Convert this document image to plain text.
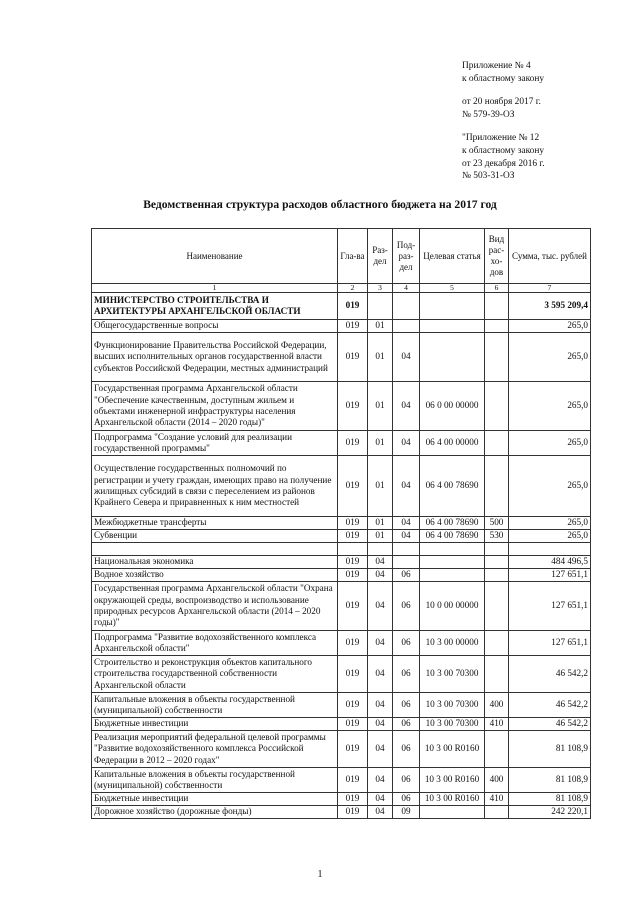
Приложение № 4
к областному закону
от 20 ноября 2017 г.
№ 579-39-ОЗ
"Приложение № 12
к областному закону
от 23 декабря 2016 г.
№ 503-31-ОЗ
Ведомственная структура расходов областного бюджета на 2017 год
Наименование	Гла-ва	Раз-дел	Под-раз-дел	Целевая статья	Вид рас-хо-дов	Сумма, тыс. рублей
1	2	3	4	5	6	7
МИНИСТЕРСТВО СТРОИТЕЛЬСТВА И АРХИТЕКТУРЫ АРХАНГЕЛЬСКОЙ ОБЛАСТИ	019					3 595 209,4
Общегосударственные вопросы	019	01				265,0
Функционирование Правительства Российской Федерации, высших исполнительных органов государственной власти субъектов Российской Федерации, местных администраций	019	01	04			265,0
Государственная программа Архангельской области "Обеспечение качественным, доступным жильем и объектами инженерной инфраструктуры населения Архангельской области (2014 – 2020 годы)"	019	01	04	06 0 00 00000		265,0
Подпрограмма "Создание условий для реализации государственной программы"	019	01	04	06 4 00 00000		265,0
Осуществление государственных полномочий по регистрации и учету граждан, имеющих право на получение жилищных субсидий в связи с переселением из районов Крайнего Севера и приравненных к ним местностей	019	01	04	06 4 00 78690		265,0
Межбюджетные трансферты	019	01	04	06 4 00 78690	500	265,0
Субвенции	019	01	04	06 4 00 78690	530	265,0

Национальная экономика	019	04				484 496,5
Водное хозяйство	019	04	06			127 651,1
Государственная программа Архангельской области "Охрана окружающей среды, воспроизводство и использование природных ресурсов Архангельской области (2014 – 2020 годы)"	019	04	06	10 0 00 00000		127 651,1
Подпрограмма "Развитие водохозяйственного комплекса Архангельской области"	019	04	06	10 3 00 00000		127 651,1
Строительство и реконструкция объектов капитального строительства государственной собственности Архангельской области	019	04	06	10 3 00 70300		46 542,2
Капитальные вложения в объекты государственной (муниципальной) собственности	019	04	06	10 3 00 70300	400	46 542,2
Бюджетные инвестиции	019	04	06	10 3 00 70300	410	46 542,2
Реализация мероприятий федеральной целевой программы "Развитие водохозяйственного комплекса Российской Федерации в 2012 – 2020 годах"	019	04	06	10 3 00 R0160		81 108,9
Капитальные вложения в объекты государственной (муниципальной) собственности	019	04	06	10 3 00 R0160	400	81 108,9
Бюджетные инвестиции	019	04	06	10 3 00 R0160	410	81 108,9
Дорожное хозяйство (дорожные фонды)	019	04	09			242 220,1
1
